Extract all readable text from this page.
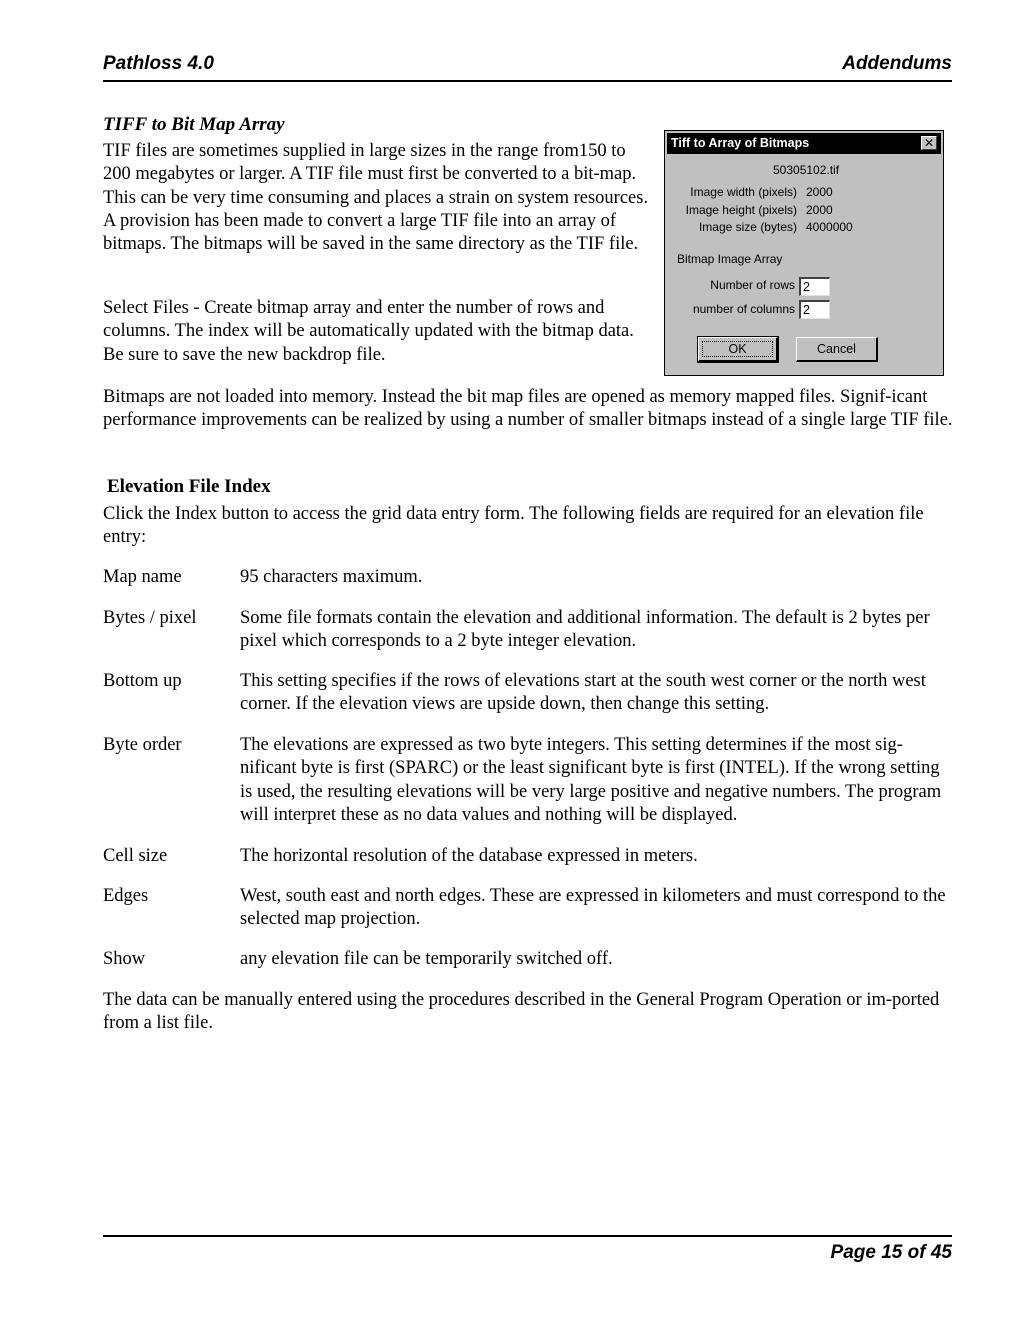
Pathloss 4.0	Addendums
TIFF to Bit Map Array
TIF files are sometimes supplied in large sizes in the range from150 to 200 megabytes or larger. A TIF file must first be converted to a bit-map. This can be very time consuming and places a strain on system resources. A provision has been made to convert a large TIF file into an array of bitmaps. The bitmaps will be saved in the same directory as the TIF file.
Select Files - Create bitmap array and enter the number of rows and columns. The index will be automatically updated with the bitmap data. Be sure to save the new backdrop file.
Tiff to Array of Bitmaps	✕
50305102.tif
Image width (pixels) 2000
Image height (pixels) 2000
Image size (bytes) 4000000
Bitmap Image Array
Number of rows 2
number of columns 2
OK	Cancel
Bitmaps are not loaded into memory. Instead the bit map files are opened as memory mapped files. Signif-icant performance improvements can be realized by using a number of smaller bitmaps instead of a single large TIF file.
Elevation File Index
Click the Index button to access the grid data entry form. The following fields are required for an elevation file entry:
Map name	95 characters maximum.
Bytes / pixel	Some file formats contain the elevation and additional information. The default is 2 bytes per pixel which corresponds to a 2 byte integer elevation.
Bottom up	This setting specifies if the rows of elevations start at the south west corner or the north west corner. If the elevation views are upside down, then change this setting.
Byte order	The elevations are expressed as two byte integers. This setting determines if the most sig-nificant byte is first (SPARC) or the least significant byte is first (INTEL). If the wrong setting is used, the resulting elevations will be very large positive and negative numbers. The program will interpret these as no data values and nothing will be displayed.
Cell size	The horizontal resolution of the database expressed in meters.
Edges	West, south east and north edges. These are expressed in kilometers and must correspond to the selected map projection.
Show	any elevation file can be temporarily switched off.
The data can be manually entered using the procedures described in the General Program Operation or im-ported from a list file.
Page 15 of 45
